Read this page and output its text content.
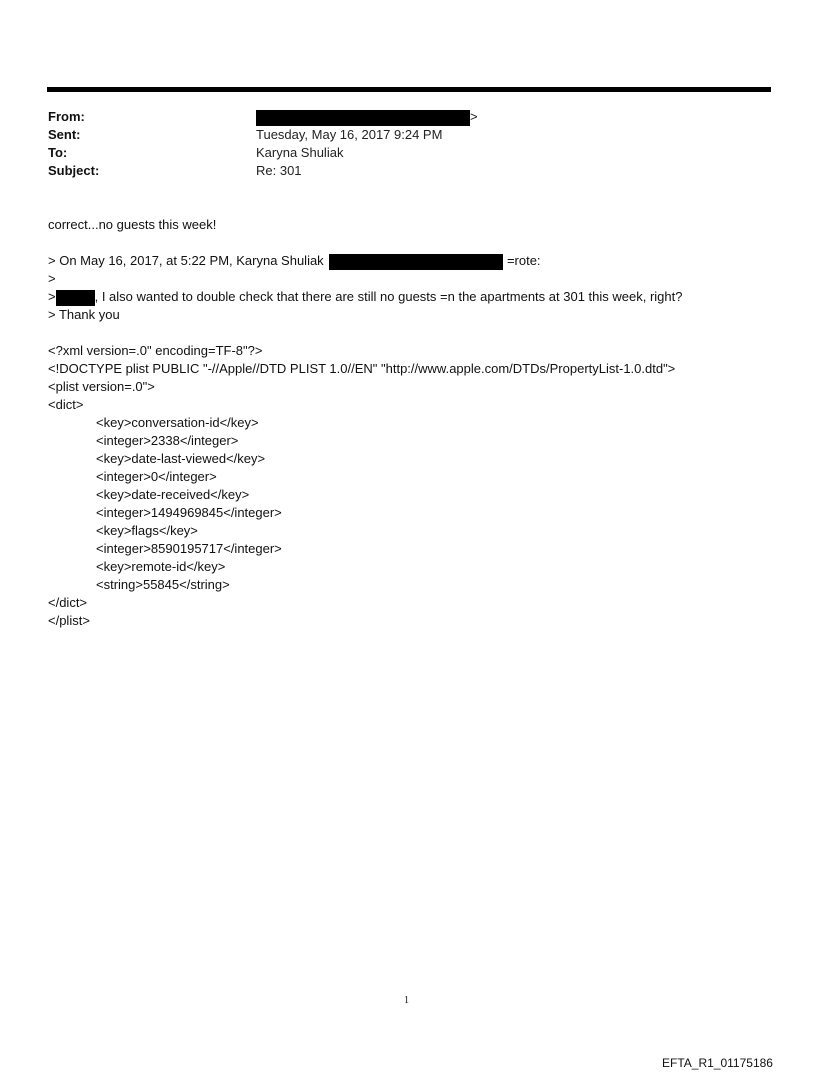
From:	>
Sent:	Tuesday, May 16, 2017 9:24 PM
To:	Karyna Shuliak
Subject:	Re: 301
correct...no guests this week!
> On May 16, 2017, at 5:22 PM, Karyna Shuliak	=rote:
>
>	, I also wanted to double check that there are still no guests =n the apartments at 301 this week, right?
> Thank you
<?xml version=.0" encoding=TF-8"?>
<!DOCTYPE plist PUBLIC "-//Apple//DTD PLIST 1.0//EN" "http://www.apple.com/DTDs/PropertyList-1.0.dtd">
<plist version=.0">
<dict>
<key>conversation-id</key>
<integer>2338</integer>
<key>date-last-viewed</key>
<integer>0</integer>
<key>date-received</key>
<integer>1494969845</integer>
<key>flags</key>
<integer>8590195717</integer>
<key>remote-id</key>
<string>55845</string>
</dict>
</plist>
1
EFTA_R1_01175186
